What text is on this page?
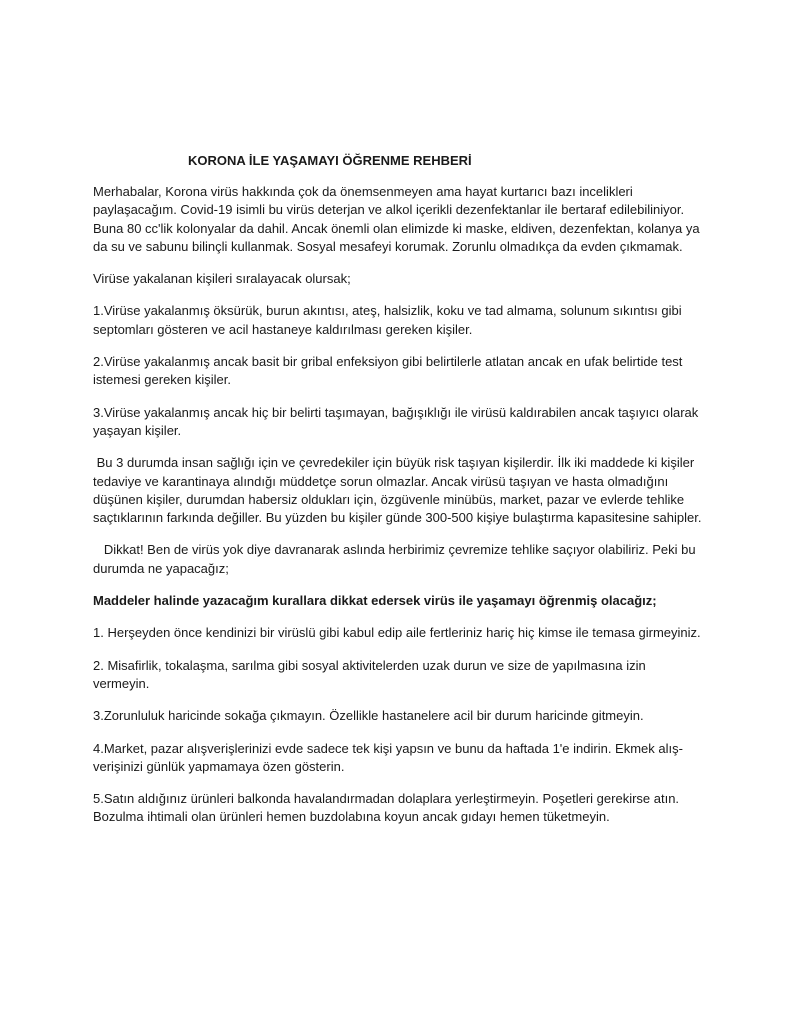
KORONA İLE YAŞAMAYI ÖĞRENME REHBERİ

Merhabalar, Korona virüs hakkında çok da önemsenmeyen ama hayat kurtarıcı bazı incelikleri paylaşacağım. Covid-19 isimli bu virüs deterjan ve alkol içerikli dezenfektanlar ile bertaraf edilebiliniyor. Buna 80 cc'lik kolonyalar da dahil. Ancak önemli olan elimizde ki maske, eldiven, dezenfektan, kolanya ya da su ve sabunu bilinçli kullanmak. Sosyal mesafeyi korumak. Zorunlu olmadıkça da evden çıkmamak.

Virüse yakalanan kişileri sıralayacak olursak;

1.Virüse yakalanmış öksürük, burun akıntısı, ateş, halsizlik, koku ve tad almama, solunum sıkıntısı gibi septomları gösteren ve acil hastaneye kaldırılması gereken kişiler.

2.Virüse yakalanmış ancak basit bir gribal enfeksiyon gibi belirtilerle atlatan ancak en ufak belirtide test istemesi gereken kişiler.

3.Virüse yakalanmış ancak hiç bir belirti taşımayan, bağışıklığı ile virüsü kaldırabilen ancak taşıyıcı olarak yaşayan kişiler.

Bu 3 durumda insan sağlığı için ve çevredekiler için büyük risk taşıyan kişilerdir. İlk iki maddede ki kişiler tedaviye ve karantinaya alındığı müddetçe sorun olmazlar. Ancak virüsü taşıyan ve hasta olmadığını düşünen kişiler, durumdan habersiz oldukları için, özgüvenle minübüs, market, pazar ve evlerde tehlike saçtıklarının farkında değiller. Bu yüzden bu kişiler günde 300-500 kişiye bulaştırma kapasitesine sahipler.

Dikkat! Ben de virüs yok diye davranarak aslında herbirimiz çevremize tehlike saçıyor olabiliriz. Peki bu durumda ne yapacağız;

Maddeler halinde yazacağım kurallara dikkat edersek virüs ile yaşamayı öğrenmiş olacağız;

1. Herşeyden önce kendinizi bir virüslü gibi kabul edip aile fertleriniz hariç hiç kimse ile temasa girmeyiniz.

2. Misafirlik, tokalaşma, sarılma gibi sosyal aktivitelerden uzak durun ve size de yapılmasına izin vermeyin.

3.Zorunluluk haricinde sokağa çıkmayın. Özellikle hastanelere acil bir durum haricinde gitmeyin.

4.Market, pazar alışverişlerinizi evde sadece tek kişi yapsın ve bunu da haftada 1'e indirin. Ekmek alış-verişinizi günlük yapmamaya özen gösterin.

5.Satın aldığınız ürünleri balkonda havalandırmadan dolaplara yerleştirmeyin. Poşetleri gerekirse atın. Bozulma ihtimali olan ürünleri hemen buzdolabına koyun ancak gıdayı hemen tüketmeyin.
